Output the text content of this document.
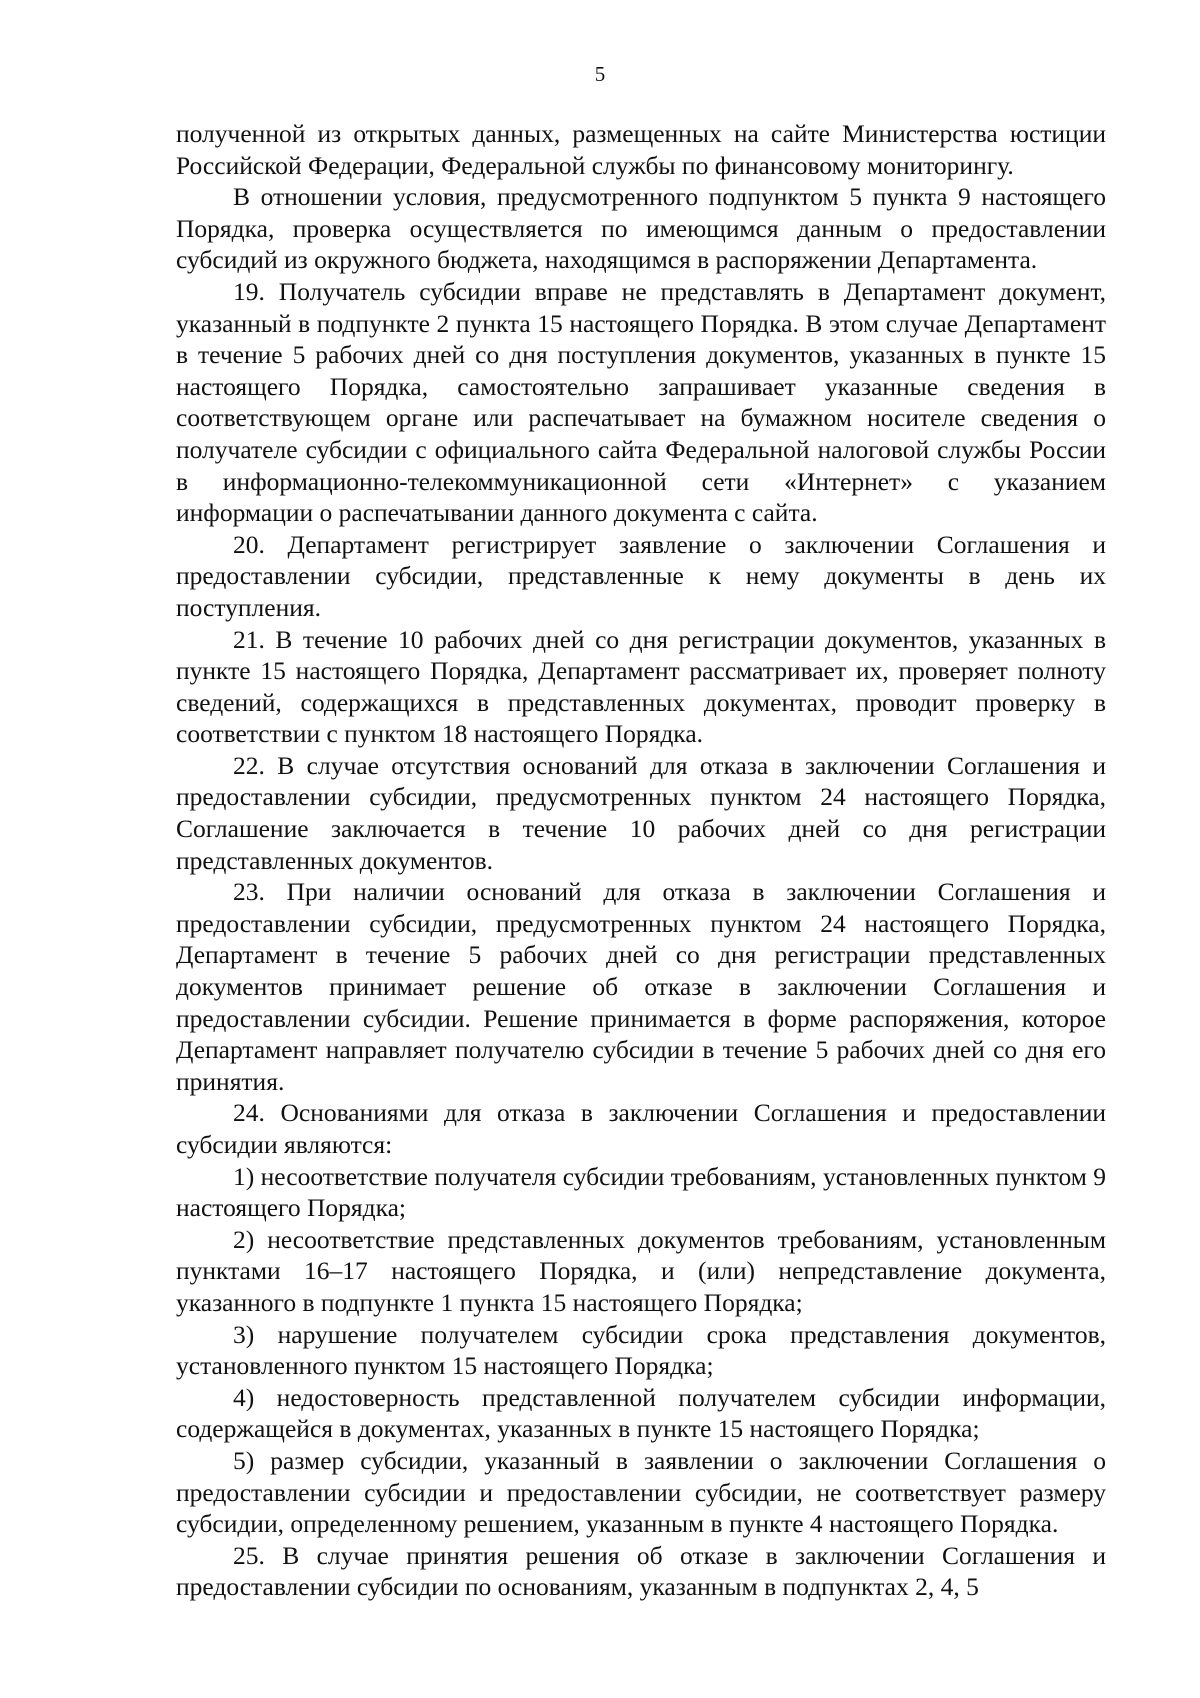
5

полученной из открытых данных, размещенных на сайте Министерства юстиции Российской Федерации, Федеральной службы по финансовому мониторингу.

В отношении условия, предусмотренного подпунктом 5 пункта 9 настоящего Порядка, проверка осуществляется по имеющимся данным о предоставлении субсидий из окружного бюджета, находящимся в распоряжении Департамента.

19. Получатель субсидии вправе не представлять в Департамент документ, указанный в подпункте 2 пункта 15 настоящего Порядка. В этом случае Департамент в течение 5 рабочих дней со дня поступления документов, указанных в пункте 15 настоящего Порядка, самостоятельно запрашивает указанные сведения в соответствующем органе или распечатывает на бумажном носителе сведения о получателе субсидии с официального сайта Федеральной налоговой службы России в информационно-телекоммуникационной сети «Интернет» с указанием информации о распечатывании данного документа с сайта.

20. Департамент регистрирует заявление о заключении Соглашения и предоставлении субсидии, представленные к нему документы в день их поступления.

21. В течение 10 рабочих дней со дня регистрации документов, указанных в пункте 15 настоящего Порядка, Департамент рассматривает их, проверяет полноту сведений, содержащихся в представленных документах, проводит проверку в соответствии с пунктом 18 настоящего Порядка.

22. В случае отсутствия оснований для отказа в заключении Соглашения и предоставлении субсидии, предусмотренных пунктом 24 настоящего Порядка, Соглашение заключается в течение 10 рабочих дней со дня регистрации представленных документов.

23. При наличии оснований для отказа в заключении Соглашения и предоставлении субсидии, предусмотренных пунктом 24 настоящего Порядка, Департамент в течение 5 рабочих дней со дня регистрации представленных документов принимает решение об отказе в заключении Соглашения и предоставлении субсидии. Решение принимается в форме распоряжения, которое Департамент направляет получателю субсидии в течение 5 рабочих дней со дня его принятия.

24. Основаниями для отказа в заключении Соглашения и предоставлении субсидии являются:

1) несоответствие получателя субсидии требованиям, установленных пунктом 9 настоящего Порядка;

2) несоответствие представленных документов требованиям, установленным пунктами 16–17 настоящего Порядка, и (или) непредставление документа, указанного в подпункте 1 пункта 15 настоящего Порядка;

3) нарушение получателем субсидии срока представления документов, установленного пунктом 15 настоящего Порядка;

4) недостоверность представленной получателем субсидии информации, содержащейся в документах, указанных в пункте 15 настоящего Порядка;

5) размер субсидии, указанный в заявлении о заключении Соглашения о предоставлении субсидии и предоставлении субсидии, не соответствует размеру субсидии, определенному решением, указанным в пункте 4 настоящего Порядка.

25. В случае принятия решения об отказе в заключении Соглашения и предоставлении субсидии по основаниям, указанным в подпунктах 2, 4, 5
